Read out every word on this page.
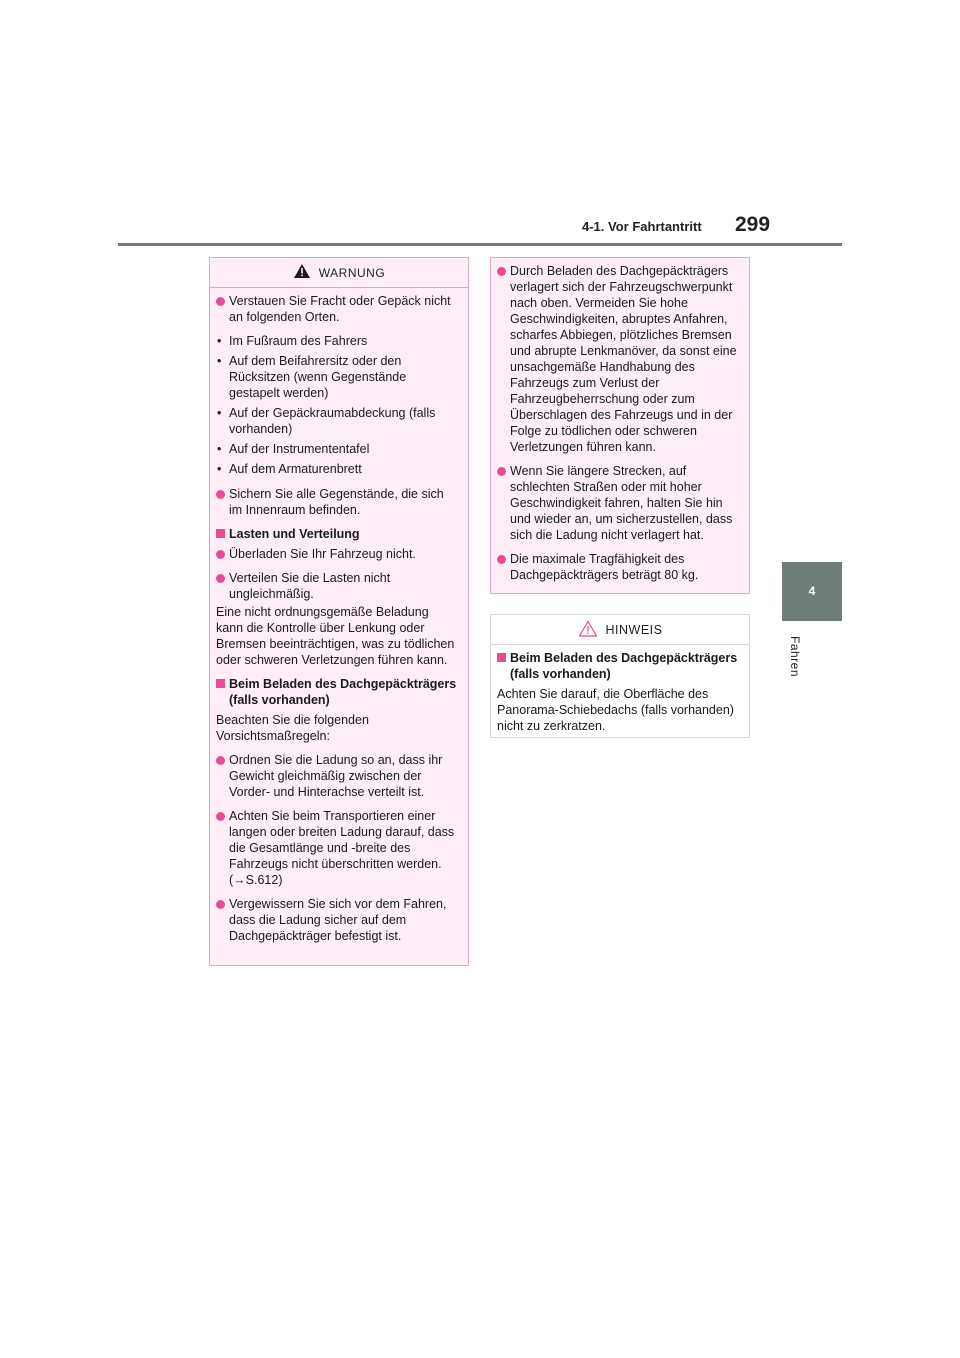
4-1. Vor Fahrtantritt 299
4
Fahren
WARNUNG
Verstauen Sie Fracht oder Gepäck nicht an folgenden Orten.
• Im Fußraum des Fahrers
• Auf dem Beifahrersitz oder den Rücksitzen (wenn Gegenstände gestapelt werden)
• Auf der Gepäckraumabdeckung (falls vorhanden)
• Auf der Instrumententafel
• Auf dem Armaturenbrett
Sichern Sie alle Gegenstände, die sich im Innenraum befinden.
Lasten und Verteilung
Überladen Sie Ihr Fahrzeug nicht.
Verteilen Sie die Lasten nicht ungleichmäßig.
Eine nicht ordnungsgemäße Beladung kann die Kontrolle über Lenkung oder Bremsen beeinträchtigen, was zu tödlichen oder schweren Verletzungen führen kann.
Beim Beladen des Dachgepäckträgers (falls vorhanden)
Beachten Sie die folgenden Vorsichtsmaßregeln:
Ordnen Sie die Ladung so an, dass ihr Gewicht gleichmäßig zwischen der Vorder- und Hinterachse verteilt ist.
Achten Sie beim Transportieren einer langen oder breiten Ladung darauf, dass die Gesamtlänge und -breite des Fahrzeugs nicht überschritten werden. (→S.612)
Vergewissern Sie sich vor dem Fahren, dass die Ladung sicher auf dem Dachgepäckträger befestigt ist.
Durch Beladen des Dachgepäckträgers verlagert sich der Fahrzeugschwerpunkt nach oben. Vermeiden Sie hohe Geschwindigkeiten, abruptes Anfahren, scharfes Abbiegen, plötzliches Bremsen und abrupte Lenkmanöver, da sonst eine unsachgemäße Handhabung des Fahrzeugs zum Verlust der Fahrzeugbeherrschung oder zum Überschlagen des Fahrzeugs und in der Folge zu tödlichen oder schweren Verletzungen führen kann.
Wenn Sie längere Strecken, auf schlechten Straßen oder mit hoher Geschwindigkeit fahren, halten Sie hin und wieder an, um sicherzustellen, dass sich die Ladung nicht verlagert hat.
Die maximale Tragfähigkeit des Dachgepäckträgers beträgt 80 kg.
HINWEIS
Beim Beladen des Dachgepäckträgers (falls vorhanden)
Achten Sie darauf, die Oberfläche des Panorama-Schiebedachs (falls vorhanden) nicht zu zerkratzen.
